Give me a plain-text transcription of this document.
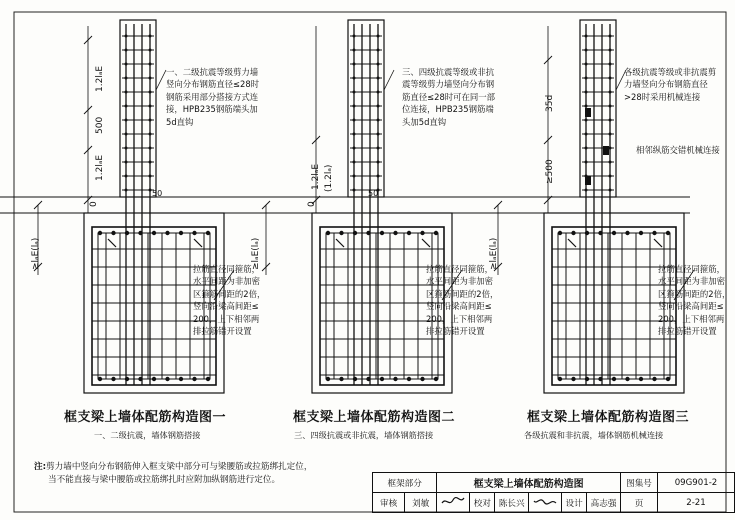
1.2lₐE
500
1.2lₐE
0
50
≥lₐE(lₐ)
1.2lₐE (1.2lₐ)
0
50
≥lₐE(lₐ)
35d
≥500
≥lₐE(lₐ)
一、二级抗震等级剪力墙
竖向分布钢筋直径≤28时
钢筋采用部分搭接方式连
接，HPB235钢筋端头加
5d直钩
三、四级抗震等级或非抗
震等级剪力墙竖向分布钢
筋直径≤28时可在同一部
位连接，HPB235钢筋端
头加5d直钩
各级抗震等级或非抗震剪
力墙竖向分布钢筋直径
>28时采用机械连接
相邻纵筋交错机械连接
拉筋直径同箍筋，
水平间距为非加密
区箍筋间距的2倍，
竖向沿梁高间距≤
200，上下相邻两
排拉筋错开设置
拉筋直径同箍筋，
水平间距为非加密
区箍筋间距的2倍，
竖向沿梁高间距≤
200，上下相邻两
排拉筋错开设置
拉筋直径同箍筋，
水平间距为非加密
区箍筋间距的2倍，
竖向沿梁高间距≤
200，上下相邻两
排拉筋错开设置
框支梁上墙体配筋构造图一
一、二级抗震，墙体钢筋搭接
框支梁上墙体配筋构造图二
三、四级抗震或非抗震，墙体钢筋搭接
框支梁上墙体配筋构造图三
各级抗震和非抗震，墙体钢筋机械连接
注:剪力墙中竖向分布钢筋伸入框支梁中部分可与梁腰筋或拉筋绑扎定位，
当不能直接与梁中腰筋或拉筋绑扎时应附加纵钢筋进行定位。	框架部分		框支梁上墙体配筋构造图						图集号	09G901-2
审核	刘敏		校对	陈长兴		设计	高志强	页	2-21
